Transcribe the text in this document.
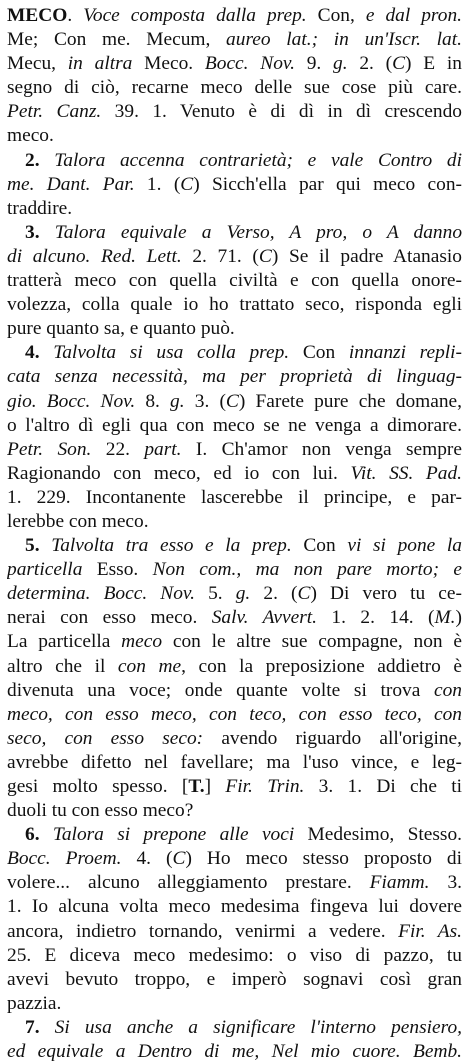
MECO. Voce composta dalla prep. Con, e dal pron.
Me; Con me. Mecum, aureo lat.; in un'Iscr. lat.
Mecu, in altra Meco. Bocc. Nov. 9. g. 2. (C) E in
segno di ciò, recarne meco delle sue cose più care.
Petr. Canz. 39. 1. Venuto è di dì in dì crescendo
meco.
2. Talora accenna contrarietà; e vale Contro di
me. Dant. Par. 1. (C) Sicch'ella par qui meco con-
traddire.
3. Talora equivale a Verso, A pro, o A danno
di alcuno. Red. Lett. 2. 71. (C) Se il padre Atanasio
tratterà meco con quella civiltà e con quella onore-
volezza, colla quale io ho trattato seco, risponda egli
pure quanto sa, e quanto può.
4. Talvolta si usa colla prep. Con innanzi repli-
cata senza necessità, ma per proprietà di linguag-
gio. Bocc. Nov. 8. g. 3. (C) Farete pure che domane,
o l'altro dì egli qua con meco se ne venga a dimorare.
Petr. Son. 22. part. I. Ch'amor non venga sempre
Ragionando con meco, ed io con lui. Vit. SS. Pad.
1. 229. Incontanente lascerebbe il principe, e par-
lerebbe con meco.
5. Talvolta tra esso e la prep. Con vi si pone la
particella Esso. Non com., ma non pare morto; e
determina. Bocc. Nov. 5. g. 2. (C) Di vero tu ce-
nerai con esso meco. Salv. Avvert. 1. 2. 14. (M.)
La particella meco con le altre sue compagne, non è
altro che il con me, con la preposizione addietro è
divenuta una voce; onde quante volte si trova con
meco, con esso meco, con teco, con esso teco, con
seco, con esso seco: avendo riguardo all'origine,
avrebbe difetto nel favellare; ma l'uso vince, e leg-
gesi molto spesso. [T.] Fir. Trin. 3. 1. Di che ti
duoli tu con esso meco?
6. Talora si prepone alle voci Medesimo, Stesso.
Bocc. Proem. 4. (C) Ho meco stesso proposto di
volere... alcuno alleggiamento prestare. Fiamm. 3.
1. Io alcuna volta meco medesima fingeva lui dovere
ancora, indietro tornando, venirmi a vedere. Fir. As.
25. E diceva meco medesimo: o viso di pazzo, tu
avevi bevuto troppo, e imperò sognavi così gran
pazzia.
7. Si usa anche a significare l'interno pensiero,
ed equivale a Dentro di me, Nel mio cuore. Bemb.
